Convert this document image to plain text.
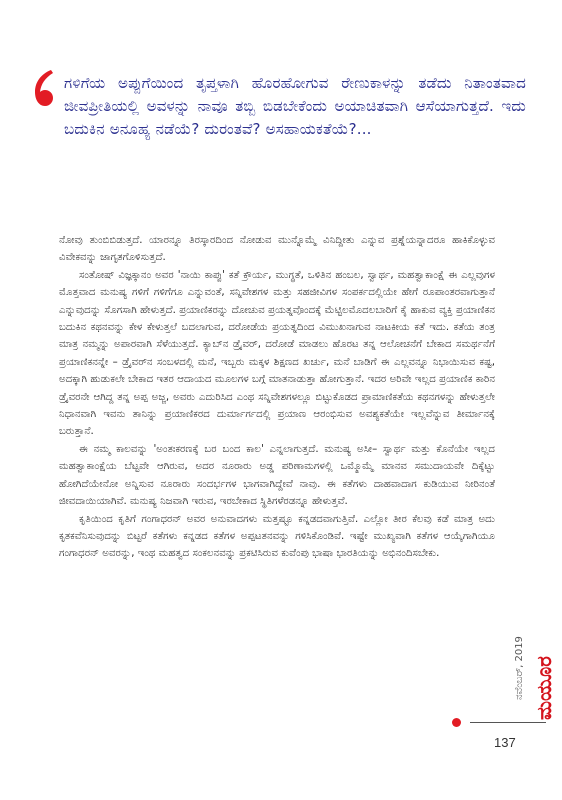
ಗಳಿಗೆಯ ಅಪ್ಪುಗೆಯಿಂದ ತೃಪ್ತಳಾಗಿ ಹೊರಹೋಗುವ ರೇಣುಕಾಳನ್ನು ತಡೆದು ನಿತಾಂತವಾದ ಜೀವಪ್ರೀತಿಯಲ್ಲಿ ಅವಳನ್ನು ನಾವೂ ತಬ್ಬಿ ಬಿಡಬೇಕೆಂದು ಅಯಾಚಿತವಾಗಿ ಆಸೆಯಾಗುತ್ತದೆ. ಇದು ಬದುಕಿನ ಅನೂಹ್ಯ ನಡೆಯೆ? ದುರಂತವೆ? ಅಸಹಾಯಕತೆಯೆ?...

ನೋವು ತುಂಬಿಬಿಡುತ್ತದೆ. ಯಾರನ್ನೂ ತಿರಸ್ಕಾರದಿಂದ ನೋಡುವ ಮುನ್ನೊಮ್ಮೆ ವಿನಿದ್ದೀತು ಎನ್ನುವ ಪ್ರಶ್ನೆಯನ್ನಾದರೂ ಹಾಕಿಕೊಳ್ಳುವ ವಿವೇಕವನ್ನು ಜಾಗೃತಗೊಳಿಸುತ್ತದೆ.

ಸಂತೋಷ್ ವಿಜ್ಞಕ್ಕಾನಂ ಅವರ 'ನಾಯಿ ಕಾಪ್ಪು' ಕತೆ ಕ್ರೌರ್ಯ, ಮುಗ್ಧತೆ, ಒಳಿತಿನ ಹಂಬಲ, ಸ್ವಾರ್ಥ, ಮಹತ್ವಾಕಾಂಕ್ಷೆ ಈ ಎಲ್ಲವುಗಳ ಮೊತ್ತವಾದ ಮನುಷ್ಯ ಗಳಿಗೆ ಗಳಿಗೆಗೂ ಎನ್ನುವಂತೆ, ಸನ್ನಿವೇಶಗಳ ಮತ್ತು ಸಹಜೀವಿಗಳ ಸಂಪರ್ಕದಲ್ಲಿಯೇ ಹೇಗೆ ರೂಪಾಂತರವಾಗುತ್ತಾನೆ ಎನ್ನುವುದನ್ನು ಸೊಗಸಾಗಿ ಹೇಳುತ್ತದೆ. ಪ್ರಯಾಣಿಕರನ್ನು ದೋಚುವ ಪ್ರಯತ್ನವೊಂದಕ್ಕೆ ಮೆಟ್ಟಿಲಮೊದಲಬಾರಿಗೆ ಕೈ ಹಾಕುವ ವ್ಯಕ್ತಿ ಪ್ರಯಾಣಿಕನ ಬದುಕಿನ ಕಥನವನ್ನು ಕೇಳ ಕೇಳುತ್ತಲೆ ಬದಲಾಗುವ, ದರೋಡೆಯ ಪ್ರಯತ್ನದಿಂದ ವಿಮುಖನಾಗುವ ನಾಟಕೀಯ ಕತೆ ಇದು. ಕತೆಯ ತಂತ್ರ ಮಾತ್ರ ನಮ್ಮನ್ನು ಅಪಾರವಾಗಿ ಸೆಳೆಯುತ್ತದೆ. ಕ್ಯಾಬ್‌ನ ಡ್ರೈವರ್, ದರೋಡೆ ಮಾಡಲು ಹೊರಟ ತನ್ನ ಆಲೋಚನೆಗೆ ಬೇಕಾದ ಸಮರ್ಥನೆಗೆ ಪ್ರಯಾಣಿಕನನ್ನೇ – ಡ್ರೈವರ್‌ನ ಸಂಬಳದಲ್ಲಿ ಮನೆ, ಇಬ್ಬರು ಮಕ್ಕಳ ಶಿಕ್ಷಣದ ಖರ್ಚು, ಮನೆ ಬಾಡಿಗೆ ಈ ಎಲ್ಲವನ್ನೂ ನಿಭಾಯಿಸುವ ಕಷ್ಟ, ಅದಕ್ಕಾಗಿ ಹುಡುಕಲೇ ಬೇಕಾದ ಇತರ ಆದಾಯದ ಮೂಲಗಳ ಬಗ್ಗೆ ಮಾತನಾಡುತ್ತಾ ಹೋಗುತ್ತಾನೆ. ಇದರ ಅರಿವೇ ಇಲ್ಲದ ಪ್ರಯಾಣಿಕ ಕಾರಿನ ಡ್ರೈವರನೇ ಆಗಿದ್ದ ತನ್ನ ಅಪ್ಪ ಅಜ್ಜ, ಅವರು ಎದುರಿಸಿದ ಎಂಥ ಸನ್ನಿವೇಶಗಳಲ್ಲೂ ಬಿಟ್ಟುಕೊಡದ ಪ್ರಾಮಾಣಿಕತೆಯ ಕಥನಗಳನ್ನು ಹೇಳುತ್ತಲೇ ನಿಧಾನವಾಗಿ ಇವನು ತಾನಿನ್ನು ಪ್ರಯಾಣಿಕರದ ದುರ್ಮಾರ್ಗದಲ್ಲಿ ಪ್ರಯಾಣ ಆರಂಭಿಸುವ ಅವಶ್ಯಕತೆಯೇ ಇಲ್ಲವೆನ್ನುವ ತೀರ್ಮಾನಕ್ಕೆ ಬರುತ್ತಾನೆ.

ಈ ನಮ್ಮ ಕಾಲವನ್ನು 'ಅಂತಃಕರಣಕ್ಕೆ ಬರ ಬಂದ ಕಾಲ' ಎನ್ನಲಾಗುತ್ತದೆ. ಮನುಷ್ಯ ಅಸೀ– ಸ್ವಾರ್ಥ ಮತ್ತು ಕೊನೆಯೇ ಇಲ್ಲದ ಮಹತ್ವಾಕಾಂಕ್ಷೆಯ ಬೆಟ್ಟವೇ ಆಗಿರುವ, ಅದರ ನೂರಾರು ಅಡ್ಡ ಪರಿಣಾಮಗಳಲ್ಲಿ ಒಮ್ಮೊಮ್ಮೆ ಮಾನವ ಸಮುದಾಯವೇ ದಿಕ್ಕೆಟ್ಟು ಹೋಗಿದೆಯೇನೋ ಅನ್ನಿಸುವ ನೂರಾರು ಸಂದರ್ಭಗಳ ಭಾಗವಾಗಿದ್ದೇವೆ ನಾವು. ಈ ಕತೆಗಳು ದಾಹವಾದಾಗ ಕುಡಿಯುವ ನೀರಿನಂತೆ ಜೀವದಾಯಿಯಾಗಿವೆ. ಮನುಷ್ಯ ನಿಜವಾಗಿ ಇರುವ, ಇರಬೇಕಾದ ಸ್ಥಿತಿಗಳೆರಡನ್ನೂ ಹೇಳುತ್ತವೆ.

ಕೃತಿಯಿಂದ ಕೃತಿಗೆ ಗಂಗಾಧರನ್ ಅವರ ಅನುವಾದಗಳು ಮತ್ತಷ್ಟೂ ಕನ್ನಡದವಾಗುತ್ತಿವೆ. ಎಲ್ಲೋ ತೀರ ಕೆಲವು ಕಡೆ ಮಾತ್ರ ಅದು ಕೃತಕವೆನಿಸುವುದನ್ನು ಬಿಟ್ಟರೆ ಕತೆಗಳು ಕನ್ನಡದ ಕತೆಗಳ ಅಪ್ಪಟತನವನ್ನು ಗಳಿಸಿಕೊಂಡಿವೆ. ಇಷ್ಟೇ ಮುಖ್ಯವಾಗಿ ಕತೆಗಳ ಆಯ್ಕೆಗಾಗಿಯೂ ಗಂಗಾಧರನ್ ಅವರನ್ನು, ಇಂಥ ಮಹತ್ವದ ಸಂಕಲನವನ್ನು ಪ್ರಕಟಿಸಿರುವ ಕುವೆಂಪು ಭಾಷಾ ಭಾರತಿಯನ್ನು ಅಭಿನಂದಿಸಬೇಕು.

ನವೆಂಬರ್, 2019 ಮಯೂರ
137
